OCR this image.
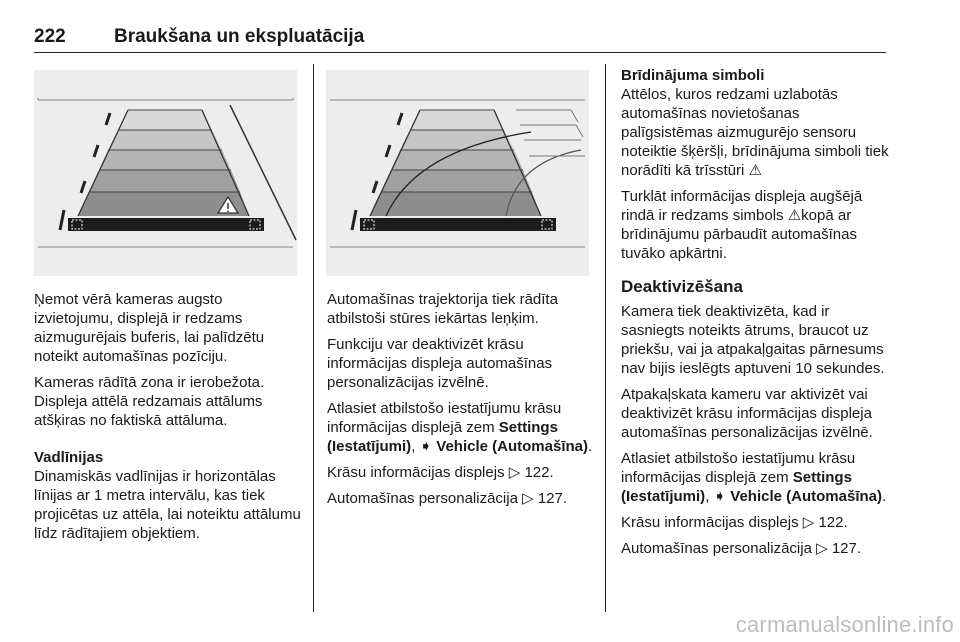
222	Braukšana un ekspluatācija

Ņemot vērā kameras augsto izvietojumu, displejā ir redzams aizmugurējais buferis, lai palīdzētu noteikt automašīnas pozīciju.

Kameras rādītā zona ir ierobežota. Displeja attēlā redzamais attālums atšķiras no faktiskā attāluma.

Vadlīnijas

Dinamiskās vadlīnijas ir horizontālas līnijas ar 1 metra intervālu, kas tiek projicētas uz attēla, lai noteiktu attālumu līdz rādītajiem objektiem.

Automašīnas trajektorija tiek rādīta atbilstoši stūres iekārtas leņķim.

Funkciju var deaktivizēt krāsu informācijas displeja automašīnas personalizācijas izvēlnē.

Atlasiet atbilstošo iestatījumu krāsu informācijas displejā zem Settings (Iestatījumi), ➧ Vehicle (Automašīna).

Krāsu informācijas displejs ▷ 122.

Automašīnas personalizācija ▷ 127.

Brīdinājuma simboli

Attēlos, kuros redzami uzlabotās automašīnas novietošanas palīgsistēmas aizmugurējo sensoru noteiktie šķēršļi, brīdinājuma simboli tiek norādīti kā trīsstūri ⚠

Turklāt informācijas displeja augšējā rindā ir redzams simbols ⚠kopā ar brīdinājumu pārbaudīt automašīnas tuvāko apkārtni.

Deaktivizēšana

Kamera tiek deaktivizēta, kad ir sasniegts noteikts ātrums, braucot uz priekšu, vai ja atpakaļgaitas pārnesums nav bijis ieslēgts aptuveni 10 sekundes.

Atpakaļskata kameru var aktivizēt vai deaktivizēt krāsu informācijas displeja automašīnas personalizācijas izvēlnē.

Atlasiet atbilstošo iestatījumu krāsu informācijas displejā zem Settings (Iestatījumi), ➧ Vehicle (Automašīna).

Krāsu informācijas displejs ▷ 122.

Automašīnas personalizācija ▷ 127.

carmanualsonline.info
